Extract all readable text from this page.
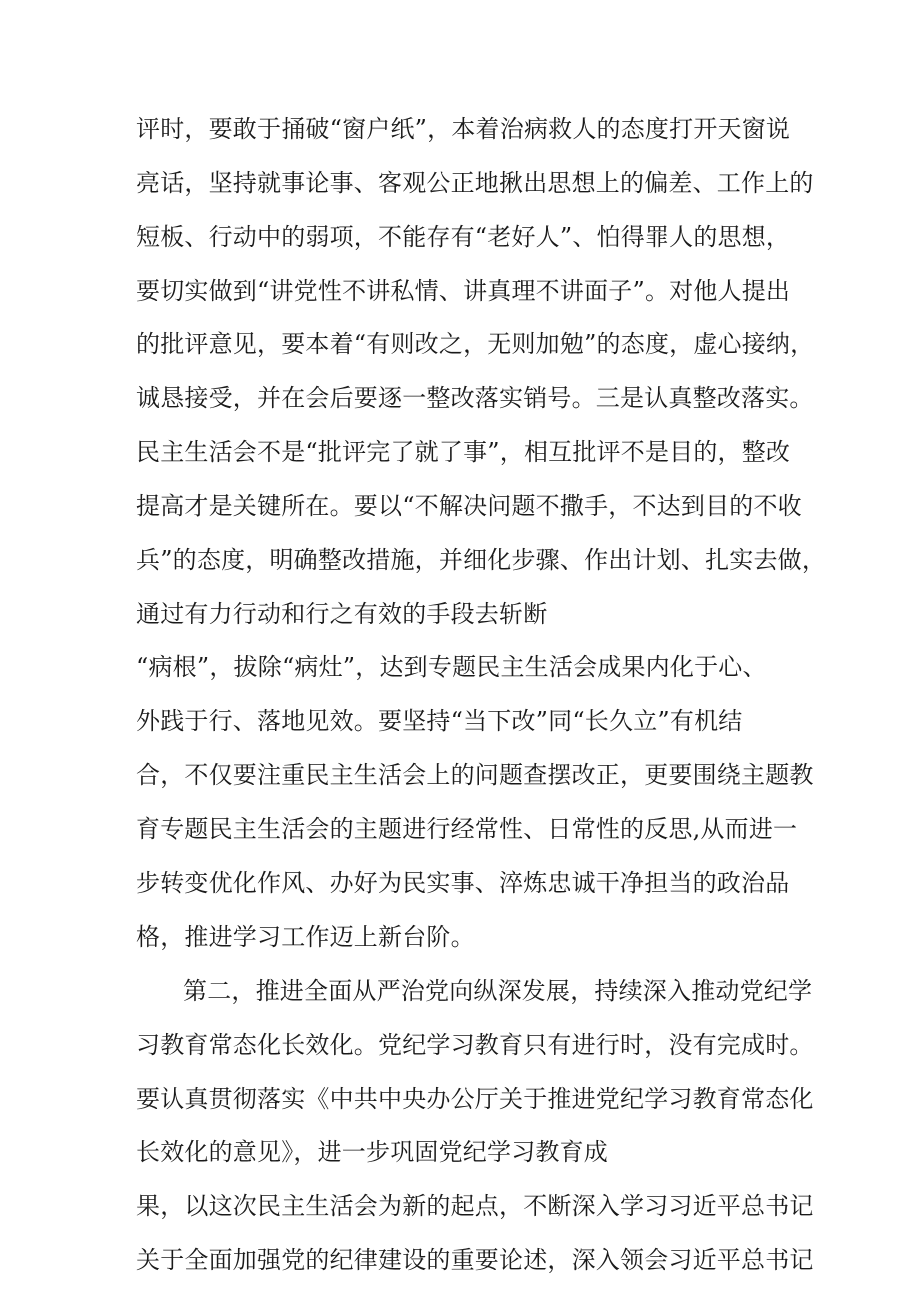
评时，要敢于捅破“窗户纸”，本着治病救人的态度打开天窗说

亮话，坚持就事论事、客观公正地揪出思想上的偏差、工作上的

短板、行动中的弱项，不能存有“老好人”、怕得罪人的思想，

要切实做到“讲党性不讲私情、讲真理不讲面子”。对他人提出

的批评意见，要本着“有则改之，无则加勉”的态度，虚心接纳，

诚恳接受，并在会后要逐一整改落实销号。三是认真整改落实。

民主生活会不是“批评完了就了事”，相互批评不是目的，整改

提高才是关键所在。要以“不解决问题不撒手，不达到目的不收

兵”的态度，明确整改措施，并细化步骤、作出计划、扎实去做，

通过有力行动和行之有效的手段去斩断

“病根”，拔除“病灶”，达到专题民主生活会成果内化于心、

外践于行、落地见效。要坚持“当下改”同“长久立”有机结

合，不仅要注重民主生活会上的问题查摆改正，更要围绕主题教

育专题民主生活会的主题进行经常性、日常性的反思,从而进一

步转变优化作风、办好为民实事、淬炼忠诚干净担当的政治品

格，推进学习工作迈上新台阶。

第二，推进全面从严治党向纵深发展，持续深入推动党纪学

习教育常态化长效化。党纪学习教育只有进行时，没有完成时。

要认真贯彻落实《中共中央办公厅关于推进党纪学习教育常态化

长效化的意见》，进一步巩固党纪学习教育成

果，以这次民主生活会为新的起点，不断深入学习习近平总书记

关于全面加强党的纪律建设的重要论述，深入领会习近平总书记
